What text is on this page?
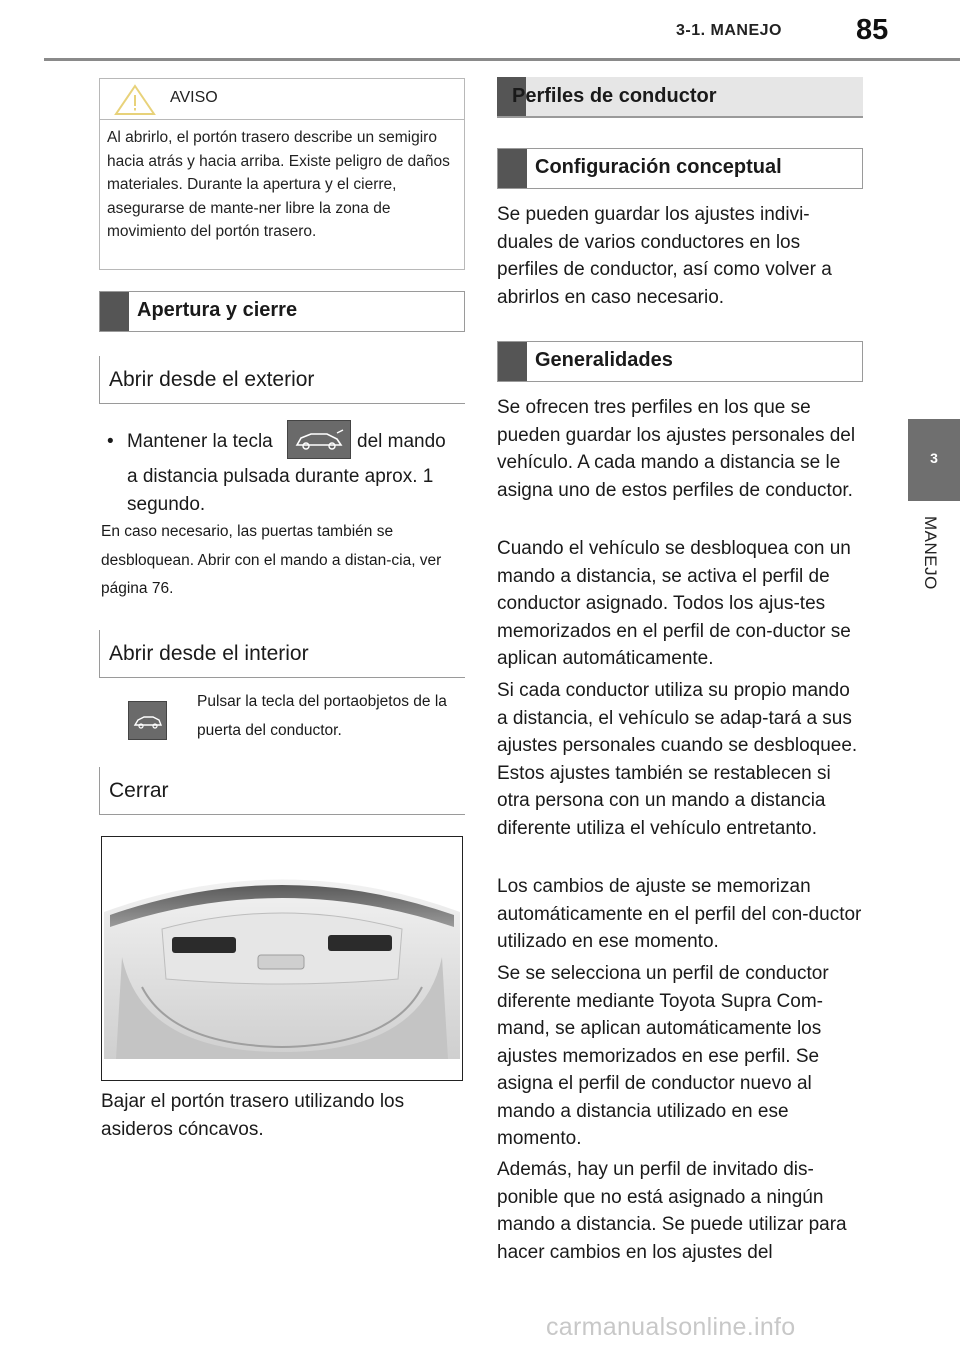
3-1. MANEJO	85
3
MANEJO
AVISO
Al abrirlo, el portón trasero describe un semigiro hacia atrás y hacia arriba. Existe peligro de daños materiales. Durante la apertura y el cierre, asegurarse de mante-ner libre la zona de movimiento del portón trasero.
Apertura y cierre
Abrir desde el exterior
• Mantener la tecla	del mando
a distancia pulsada durante aprox. 1 segundo.
En caso necesario, las puertas también se desbloquean. Abrir con el mando a distan-cia, ver página 76.
Abrir desde el interior
Pulsar la tecla del portaobjetos de la puerta del conductor.
Cerrar
Bajar el portón trasero utilizando los asideros cóncavos.
Perfiles de conductor
Configuración conceptual
Se pueden guardar los ajustes indivi-duales de varios conductores en los perfiles de conductor, así como volver a abrirlos en caso necesario.
Generalidades
Se ofrecen tres perfiles en los que se pueden guardar los ajustes personales del vehículo. A cada mando a distancia se le asigna uno de estos perfiles de conductor.
Cuando el vehículo se desbloquea con un mando a distancia, se activa el perfil de conductor asignado. Todos los ajus-tes memorizados en el perfil de con-ductor se aplican automáticamente.
Si cada conductor utiliza su propio mando a distancia, el vehículo se adap-tará a sus ajustes personales cuando se desbloquee. Estos ajustes también se restablecen si otra persona con un mando a distancia diferente utiliza el vehículo entretanto.
Los cambios de ajuste se memorizan automáticamente en el perfil del con-ductor utilizado en ese momento.
Se se selecciona un perfil de conductor diferente mediante Toyota Supra Com-mand, se aplican automáticamente los ajustes memorizados en ese perfil. Se asigna el perfil de conductor nuevo al mando a distancia utilizado en ese momento.
Además, hay un perfil de invitado dis-ponible que no está asignado a ningún mando a distancia. Se puede utilizar para hacer cambios en los ajustes del
carmanualsonline.info
